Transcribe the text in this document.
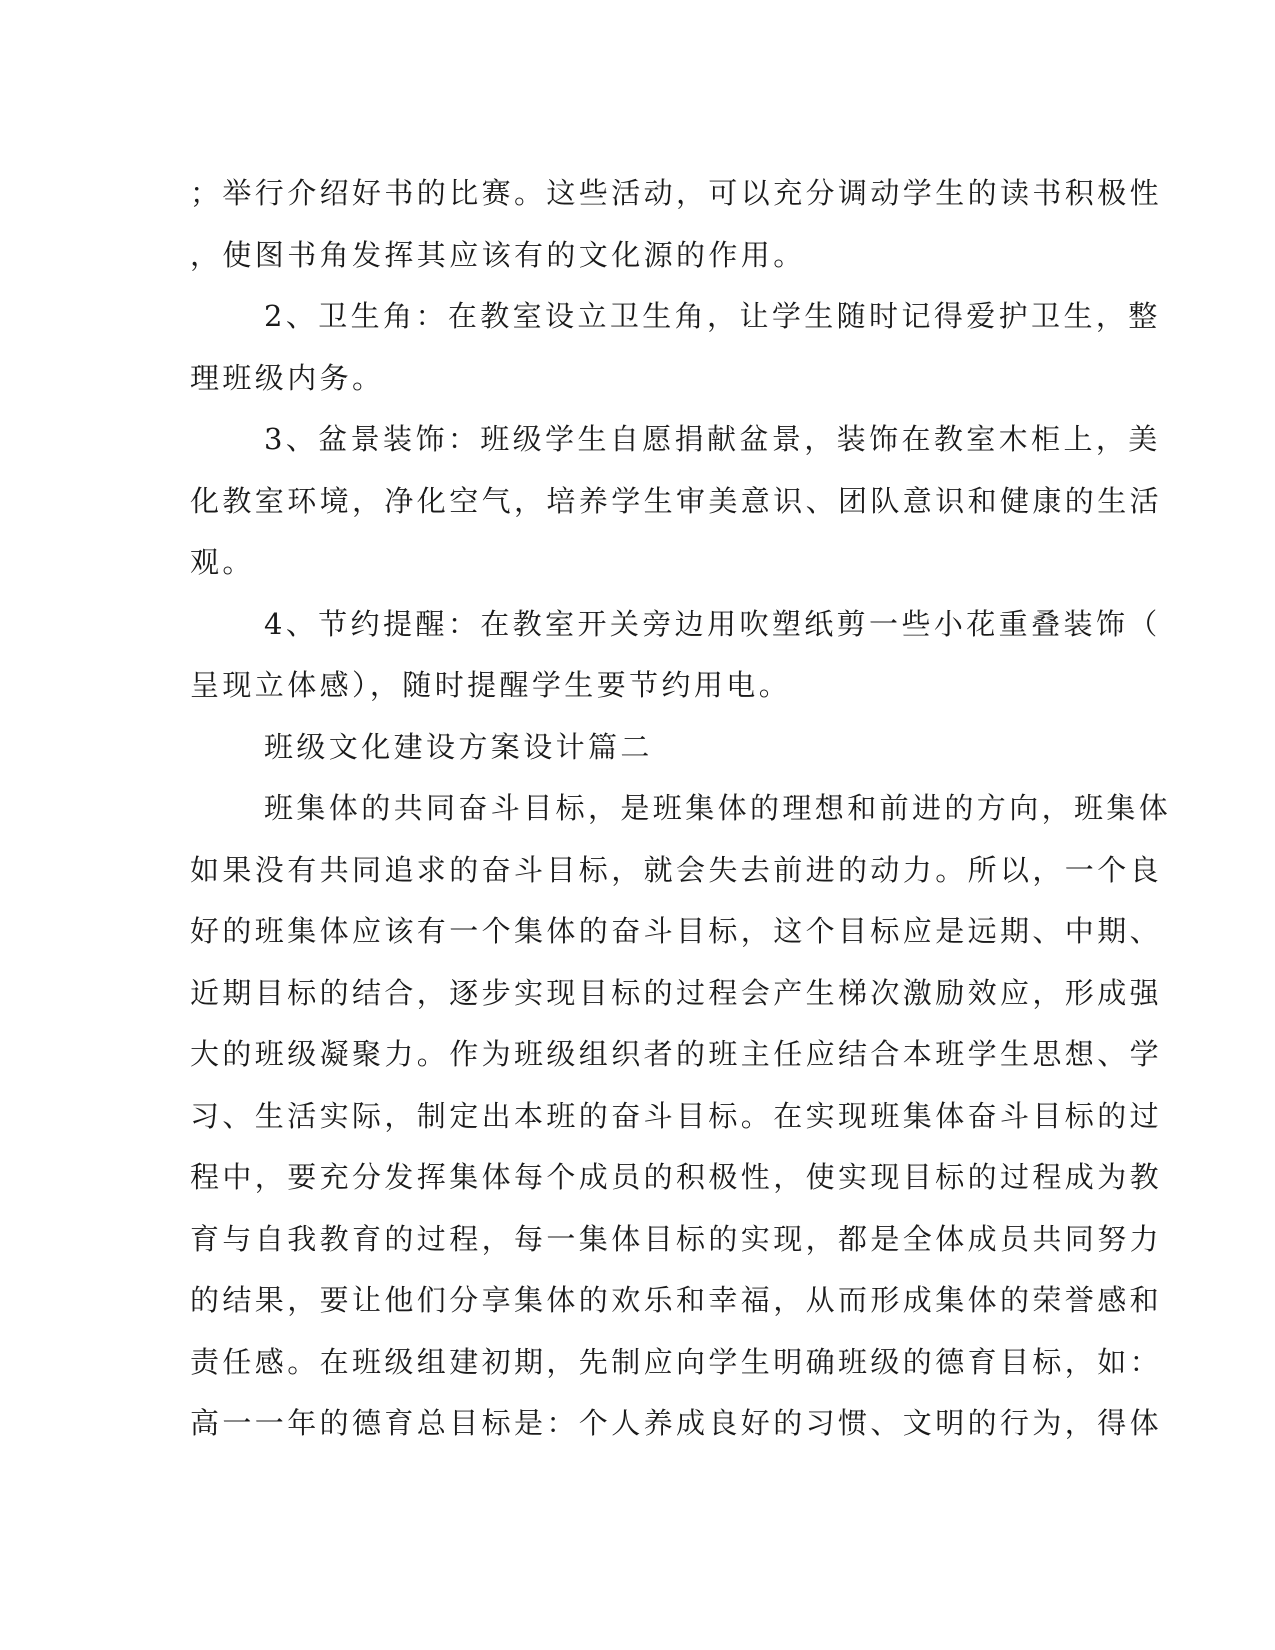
；举行介绍好书的比赛。这些活动，可以充分调动学生的读书积极性
，使图书角发挥其应该有的文化源的作用。
2、卫生角：在教室设立卫生角，让学生随时记得爱护卫生，整
理班级内务。
3、盆景装饰：班级学生自愿捐献盆景，装饰在教室木柜上，美
化教室环境，净化空气，培养学生审美意识、团队意识和健康的生活
观。
4、节约提醒：在教室开关旁边用吹塑纸剪一些小花重叠装饰（
呈现立体感），随时提醒学生要节约用电。
班级文化建设方案设计篇二
班集体的共同奋斗目标，是班集体的理想和前进的方向，班集体
如果没有共同追求的奋斗目标，就会失去前进的动力。所以，一个良
好的班集体应该有一个集体的奋斗目标，这个目标应是远期、中期、
近期目标的结合，逐步实现目标的过程会产生梯次激励效应，形成强
大的班级凝聚力。作为班级组织者的班主任应结合本班学生思想、学
习、生活实际，制定出本班的奋斗目标。在实现班集体奋斗目标的过
程中，要充分发挥集体每个成员的积极性，使实现目标的过程成为教
育与自我教育的过程，每一集体目标的实现，都是全体成员共同努力
的结果，要让他们分享集体的欢乐和幸福，从而形成集体的荣誉感和
责任感。在班级组建初期，先制应向学生明确班级的德育目标，如：
高一一年的德育总目标是：个人养成良好的习惯、文明的行为，得体
